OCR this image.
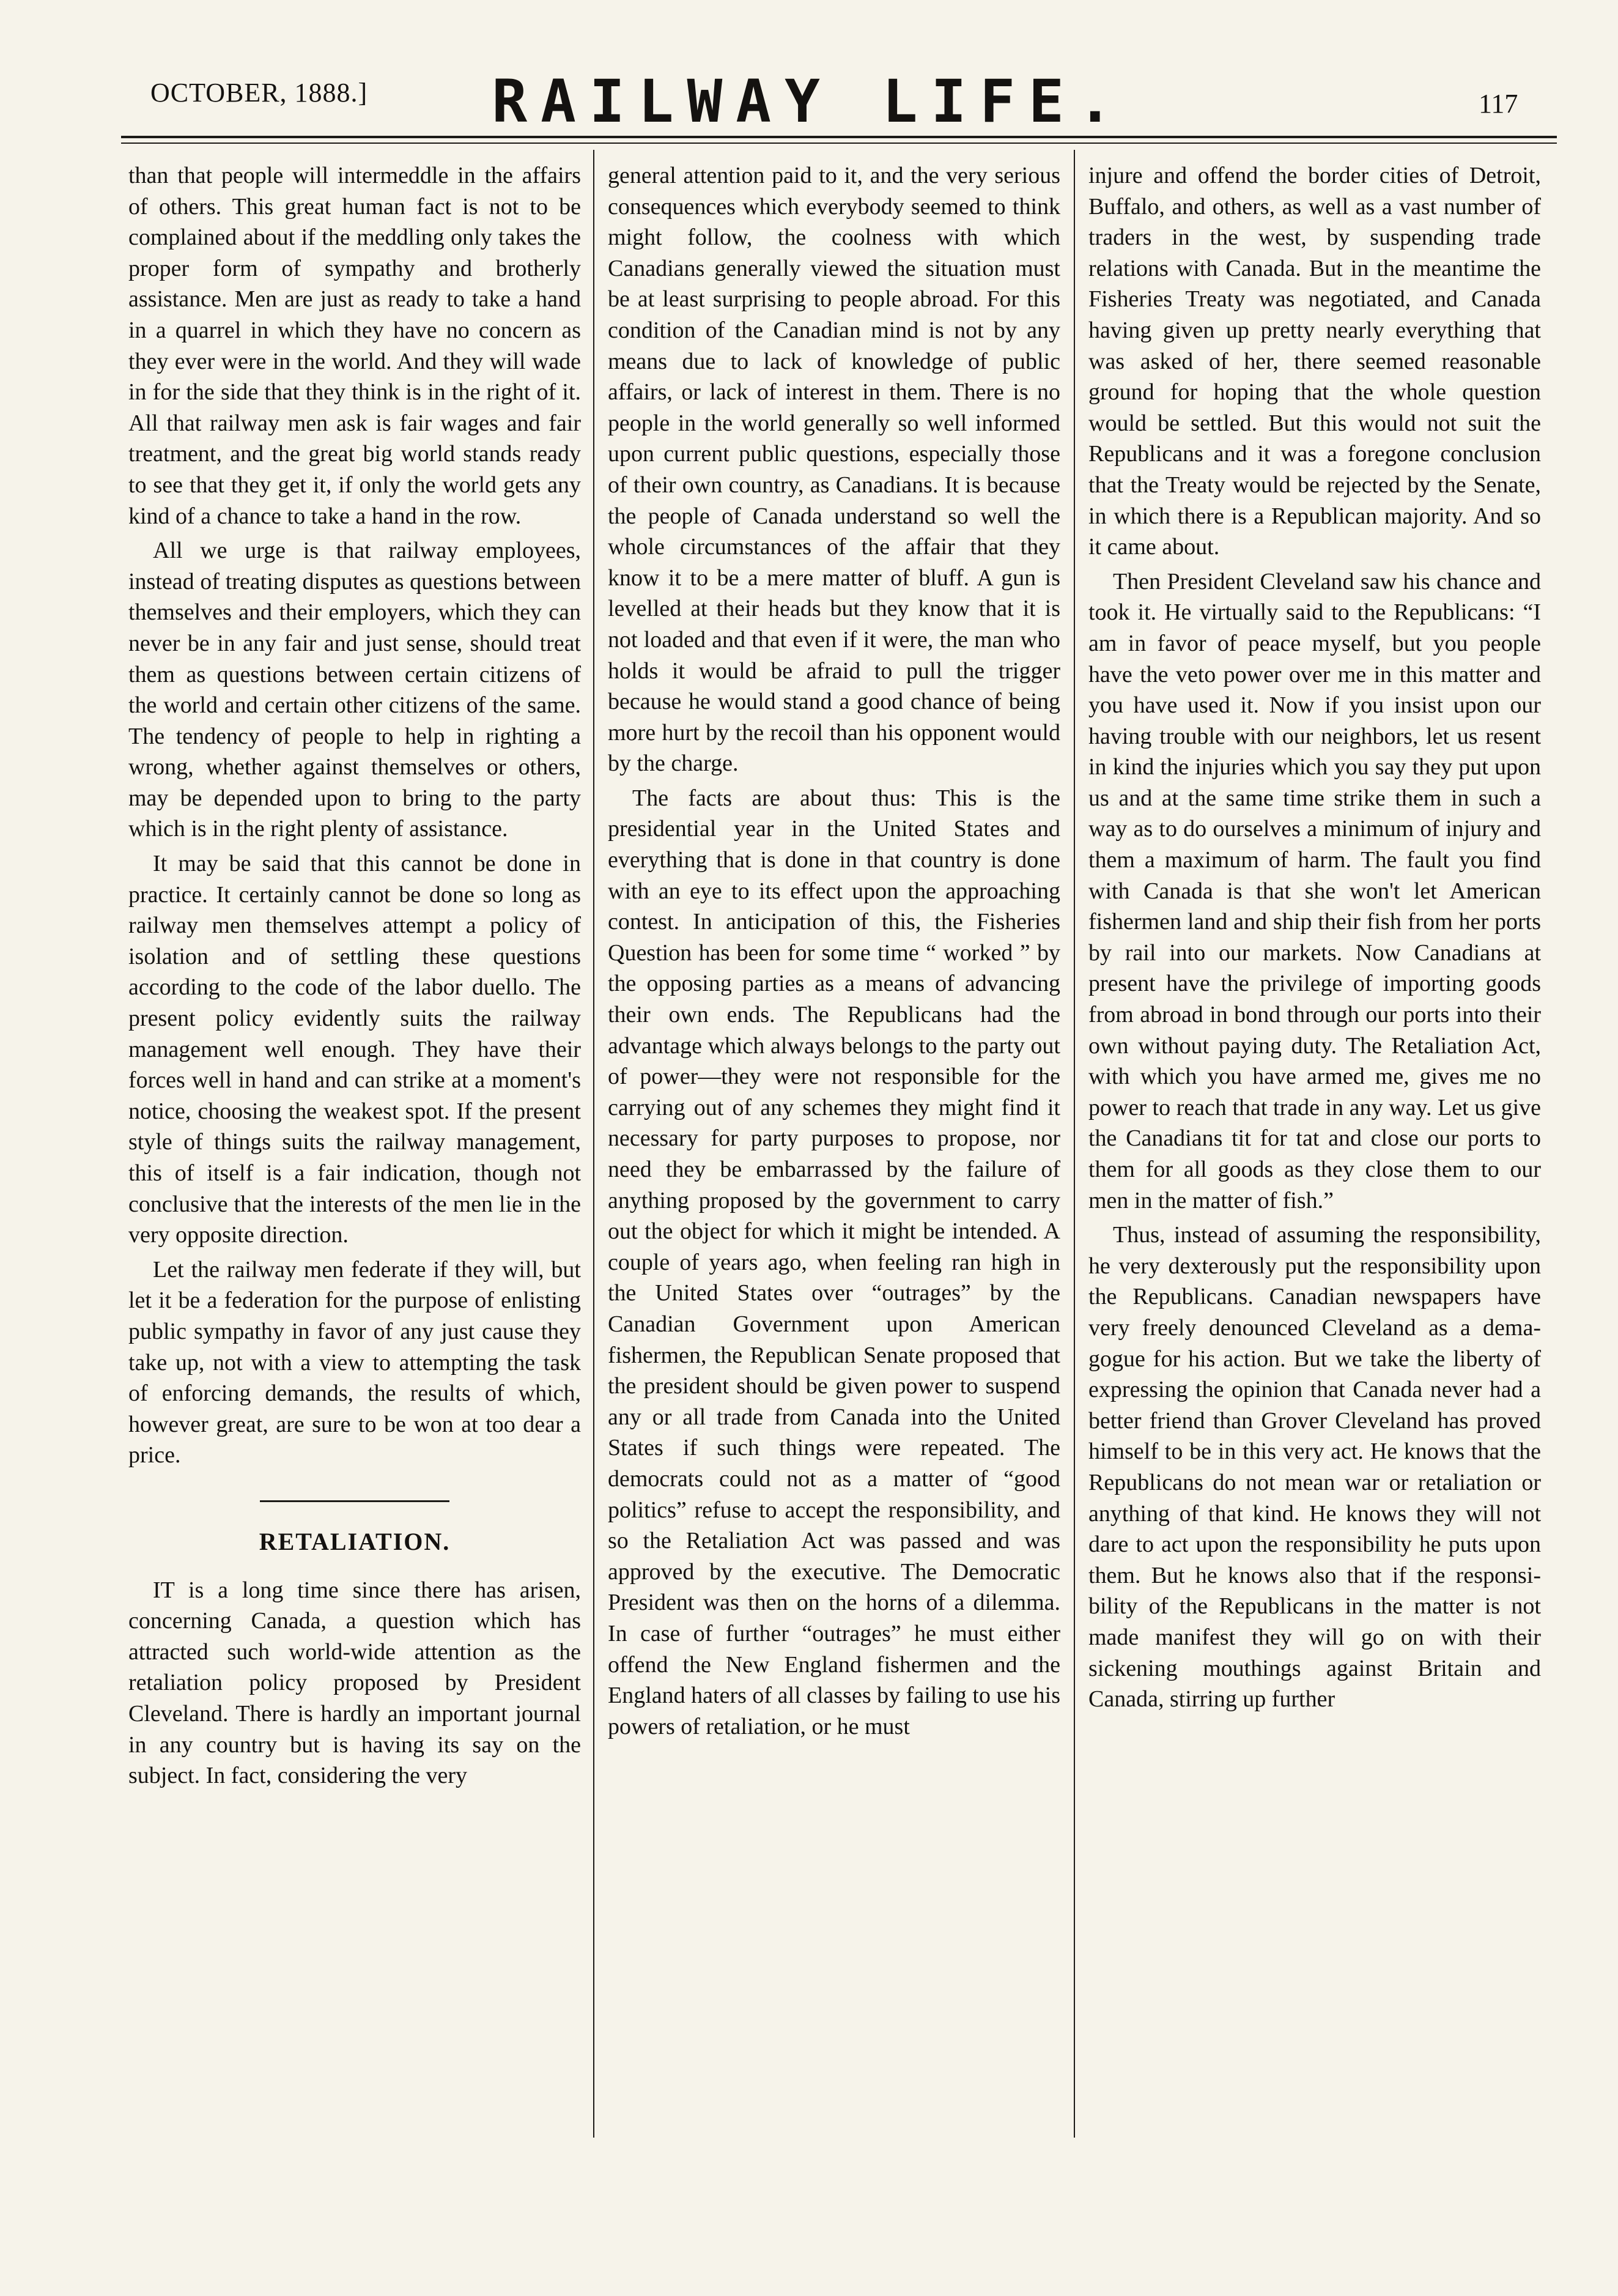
OCTOBER, 1888.]	RAILWAY LIFE.	117

than that people will intermeddle in the affairs of others. This great human fact is not to be complained about if the meddling only takes the proper form of sympathy and brotherly assistance. Men are just as ready to take a hand in a quarrel in which they have no concern as they ever were in the world. And they will wade in for the side that they think is in the right of it. All that railway men ask is fair wages and fair treatment, and the great big world stands ready to see that they get it, if only the world gets any kind of a chance to take a hand in the row.

All we urge is that railway employees, instead of treating disputes as questions between themselves and their employers, which they can never be in any fair and just sense, should treat them as questions between certain citizens of the world and certain other citizens of the same. The tendency of people to help in righting a wrong, whether against themselves or others, may be depended upon to bring to the party which is in the right plenty of assistance.

It may be said that this cannot be done in practice. It certainly cannot be done so long as railway men themselves attempt a policy of isolation and of settling these questions according to the code of the labor duello. The present policy evidently suits the railway management well enough. They have their forces well in hand and can strike at a moment's notice, choosing the weakest spot. If the present style of things suits the railway management, this of itself is a fair indication, though not conclusive that the interests of the men lie in the very opposite direction.

Let the railway men federate if they will, but let it be a federation for the purpose of enlisting public sympathy in favor of any just cause they take up, not with a view to attempting the task of enforcing demands, the results of which, however great, are sure to be won at too dear a price.

RETALIATION.

IT is a long time since there has arisen, concerning Canada, a question which has attracted such world-wide attention as the retaliation policy proposed by President Cleveland. There is hardly an important journal in any country but is having its say on the subject. In fact, considering the very

general attention paid to it, and the very serious consequences which everybody seemed to think might follow, the coolness with which Canadians generally viewed the situation must be at least surprising to people abroad. For this condition of the Canadian mind is not by any means due to lack of knowledge of public affairs, or lack of interest in them. There is no people in the world generally so well informed upon current public questions, especially those of their own country, as Canadians. It is because the people of Canada understand so well the whole circumstances of the affair that they know it to be a mere matter of bluff. A gun is levelled at their heads but they know that it is not loaded and that even if it were, the man who holds it would be afraid to pull the trigger because he would stand a good chance of being more hurt by the recoil than his opponent would by the charge.

The facts are about thus: This is the presidential year in the United States and everything that is done in that country is done with an eye to its effect upon the approaching contest. In anticipation of this, the Fisheries Question has been for some time “ worked ” by the opposing parties as a means of advancing their own ends. The Republicans had the advantage which always belongs to the party out of power—they were not responsible for the carrying out of any schemes they might find it necessary for party purposes to propose, nor need they be embarrassed by the failure of anything proposed by the government to carry out the object for which it might be intended. A couple of years ago, when feeling ran high in the United States over “outrages” by the Canadian Government upon American fishermen, the Republican Senate proposed that the president should be given power to suspend any or all trade from Canada into the United States if such things were repeated. The democrats could not as a matter of “good politics” refuse to accept the responsibility, and so the Retaliation Act was passed and was approved by the executive. The Democratic President was then on the horns of a dilemma. In case of further “outrages” he must either offend the New England fishermen and the England haters of all classes by failing to use his powers of retaliation, or he must

injure and offend the border cities of Detroit, Buffalo, and others, as well as a vast number of traders in the west, by suspending trade relations with Canada. But in the meantime the Fisheries Treaty was negotiated, and Canada having given up pretty nearly everything that was asked of her, there seemed reasonable ground for hoping that the whole question would be settled. But this would not suit the Republicans and it was a foregone conclusion that the Treaty would be rejected by the Senate, in which there is a Republican majority. And so it came about.

Then President Cleveland saw his chance and took it. He virtually said to the Republicans: “I am in favor of peace myself, but you people have the veto power over me in this matter and you have used it. Now if you insist upon our having trouble with our neighbors, let us resent in kind the injuries which you say they put upon us and at the same time strike them in such a way as to do ourselves a minimum of injury and them a maximum of harm. The fault you find with Canada is that she won't let American fishermen land and ship their fish from her ports by rail into our markets. Now Canadians at present have the privilege of importing goods from abroad in bond through our ports into their own without paying duty. The Retaliation Act, with which you have armed me, gives me no power to reach that trade in any way. Let us give the Canadians tit for tat and close our ports to them for all goods as they close them to our men in the matter of fish.”

Thus, instead of assuming the responsibility, he very dexterously put the responsibility upon the Republicans. Canadian newspapers have very freely denounced Cleveland as a demagogue for his action. But we take the liberty of expressing the opinion that Canada never had a better friend than Grover Cleveland has proved himself to be in this very act. He knows that the Republicans do not mean war or retaliation or anything of that kind. He knows they will not dare to act upon the responsibility he puts upon them. But he knows also that if the responsibility of the Republicans in the matter is not made manifest they will go on with their sickening mouthings against Britain and Canada, stirring up further
